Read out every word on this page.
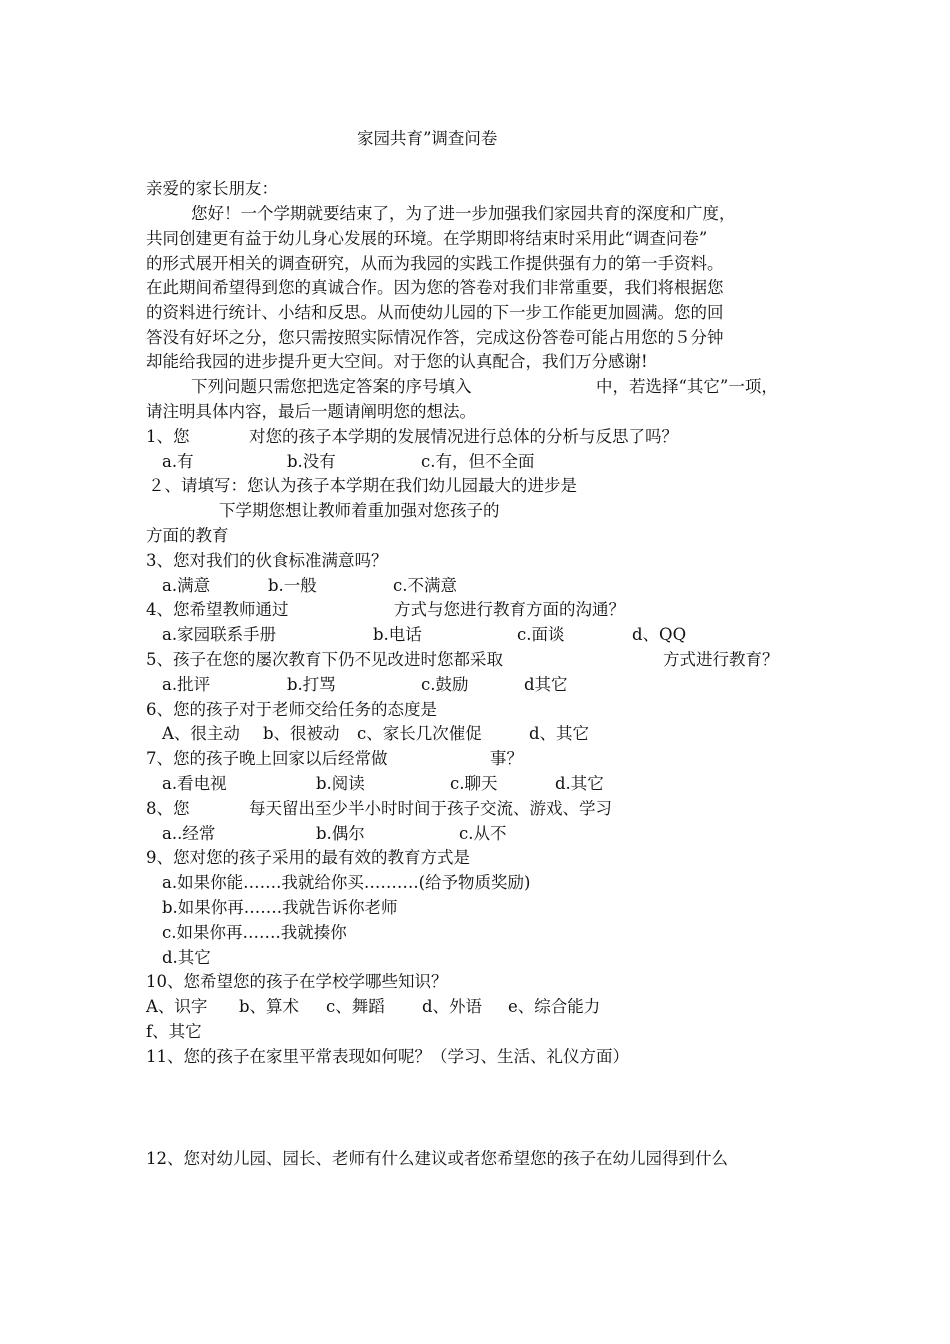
家园共育”调查问卷
亲爱的家长朋友：
您好！一个学期就要结束了，为了进一步加强我们家园共育的深度和广度，
共同创建更有益于幼儿身心发展的环境。在学期即将结束时采用此“调查问卷”
的形式展开相关的调查研究，从而为我园的实践工作提供强有力的第一手资料。
在此期间希望得到您的真诚合作。因为您的答卷对我们非常重要，我们将根据您
的资料进行统计、小结和反思。从而使幼儿园的下一步工作能更加圆满。您的回
答没有好坏之分，您只需按照实际情况作答，完成这份答卷可能占用您的５分钟
却能给我园的进步提升更大空间。对于您的认真配合，我们万分感谢!
下列问题只需您把选定答案的序号填入	中，若选择“其它”一项，
请注明具体内容，最后一题请阐明您的想法。
1、您	对您的孩子本学期的发展情况进行总体的分析与反思了吗？
a.有	b.没有	c.有，但不全面
２、请填写：您认为孩子本学期在我们幼儿园最大的进步是
下学期您想让教师着重加强对您孩子的
方面的教育
3、您对我们的伙食标准满意吗？
a.满意	b.一般	c.不满意
4、您希望教师通过	方式与您进行教育方面的沟通？
a.家园联系手册	b.电话	c.面谈	d、QQ
5、孩子在您的屡次教育下仍不见改进时您都采取	方式进行教育？
a.批评	b.打骂	c.鼓励	d其它
6、您的孩子对于老师交给任务的态度是
A、很主动 b、很被动 c、家长几次催促	d、其它
7、您的孩子晚上回家以后经常做	事？
a.看电视	b.阅读	c.聊天	d.其它
8、您	每天留出至少半小时时间于孩子交流、游戏、学习
a..经常	b.偶尔	c.从不
9、您对您的孩子采用的最有效的教育方式是
a.如果你能…….我就给你买……….(给予物质奖励)
b.如果你再…….我就告诉你老师
c.如果你再…….我就揍你
d.其它
10、您希望您的孩子在学校学哪些知识？
A、识字 b、算术 c、舞蹈 d、外语 e、综合能力
f、其它
11、您的孩子在家里平常表现如何呢？（学习、生活、礼仪方面）
12、您对幼儿园、园长、老师有什么建议或者您希望您的孩子在幼儿园得到什么
